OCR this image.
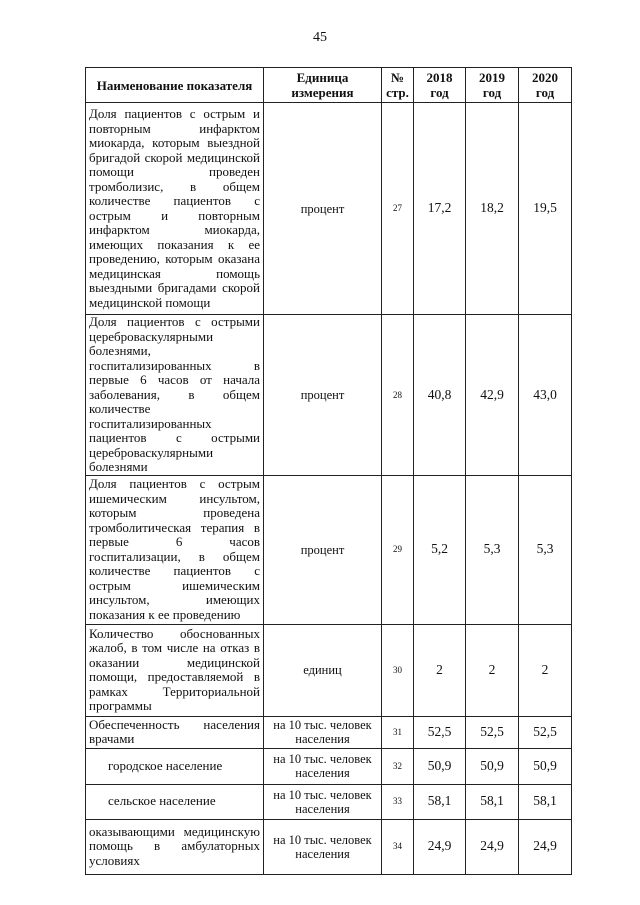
45
Наименование показателя	Единица измерения	№ стр.	2018 год	2019 год	2020 год
Доля пациентов с острым и повторным инфарктом миокарда, которым выездной бригадой скорой медицинской помощи проведен тромболизис, в общем количестве пациентов с острым и повторным инфарктом миокарда, имеющих показания к ее проведению, которым оказана медицинская помощь выездными бригадами скорой медицинской помощи	процент	27	17,2	18,2	19,5
Доля пациентов с острыми цереброваскулярными болезнями, госпитализированных в первые 6 часов от начала заболевания, в общем количестве госпитализированных пациентов с острыми цереброваскулярными болезнями	процент	28	40,8	42,9	43,0
Доля пациентов с острым ишемическим инсультом, которым проведена тромболитическая терапия в первые 6 часов госпитализации, в общем количестве пациентов с острым ишемическим инсультом, имеющих показания к ее проведению	процент	29	5,2	5,3	5,3
Количество обоснованных жалоб, в том числе на отказ в оказании медицинской помощи, предоставляемой в рамках Территориальной программы	единиц	30	2	2	2
Обеспеченность населения врачами	на 10 тыс. человек населения	31	52,5	52,5	52,5
городское население	на 10 тыс. человек населения	32	50,9	50,9	50,9
сельское население	на 10 тыс. человек населения	33	58,1	58,1	58,1
оказывающими медицинскую помощь в амбулаторных условиях	на 10 тыс. человек населения	34	24,9	24,9	24,9
